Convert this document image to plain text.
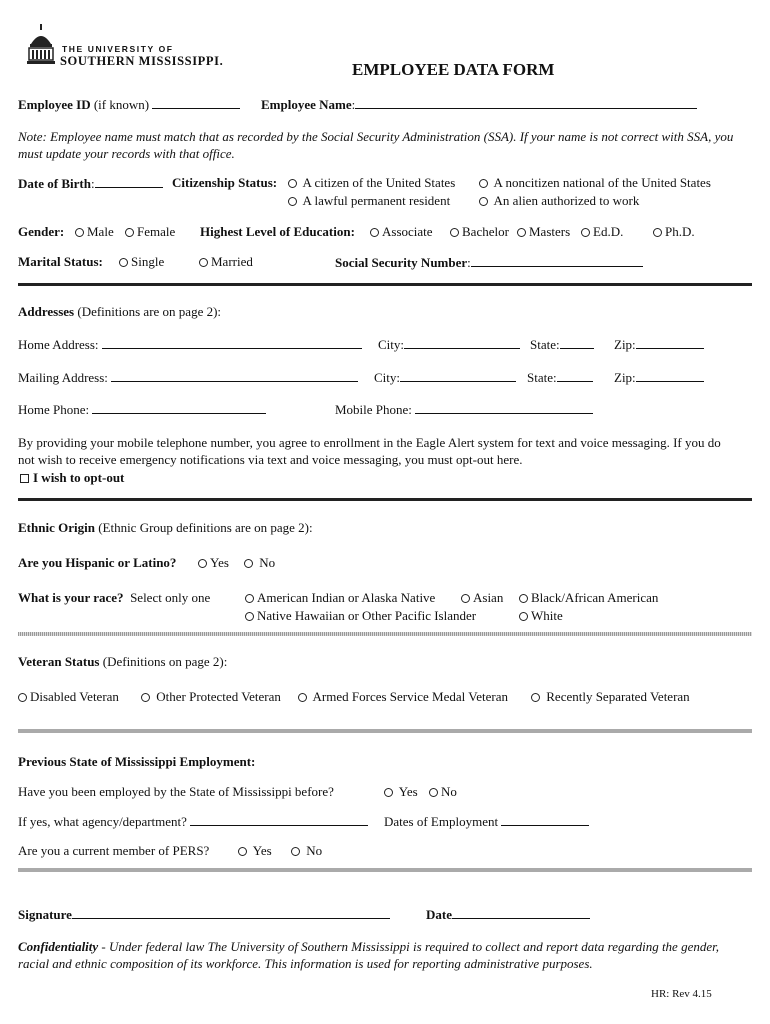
THE UNIVERSITY OF
SOUTHERN MISSISSIPPI.	EMPLOYEE DATA FORM
Employee ID (if known)	Employee Name:
Note: Employee name must match that as recorded by the Social Security Administration (SSA). If your name is not correct with SSA, you must update your records with that office.
Date of Birth:	Citizenship Status:	A citizen of the United States	A noncitizen national of the United States
A lawful permanent resident	An alien authorized to work
Gender:	Male	Female Highest Level of Education:	Associate	Bachelor	Masters	Ed.D.	Ph.D.
Marital Status:	Single	Married	Social Security Number:
Addresses (Definitions are on page 2):
Home Address:	City:	State:	Zip:
Mailing Address:	City:	State:	Zip:
Home Phone:	Mobile Phone:
By providing your mobile telephone number, you agree to enrollment in the Eagle Alert system for text and voice messaging. If you do not wish to receive emergency notifications via text and voice messaging, you must opt-out here.
I wish to opt-out
Ethnic Origin (Ethnic Group definitions are on page 2):
Are you Hispanic or Latino?	Yes	No
What is your race? Select only one	American Indian or Alaska Native	Asian	Black/African American
Native Hawaiian or Other Pacific Islander	White
Veteran Status (Definitions on page 2):
Disabled Veteran	Other Protected Veteran	Armed Forces Service Medal Veteran	Recently Separated Veteran
Previous State of Mississippi Employment:
Have you been employed by the State of Mississippi before?	Yes	No
If yes, what agency/department?	Dates of Employment
Are you a current member of PERS?	Yes	No
Signature	Date
Confidentiality - Under federal law The University of Southern Mississippi is required to collect and report data regarding the gender, racial and ethnic composition of its workforce. This information is used for reporting administrative purposes.
HR: Rev 4.15
